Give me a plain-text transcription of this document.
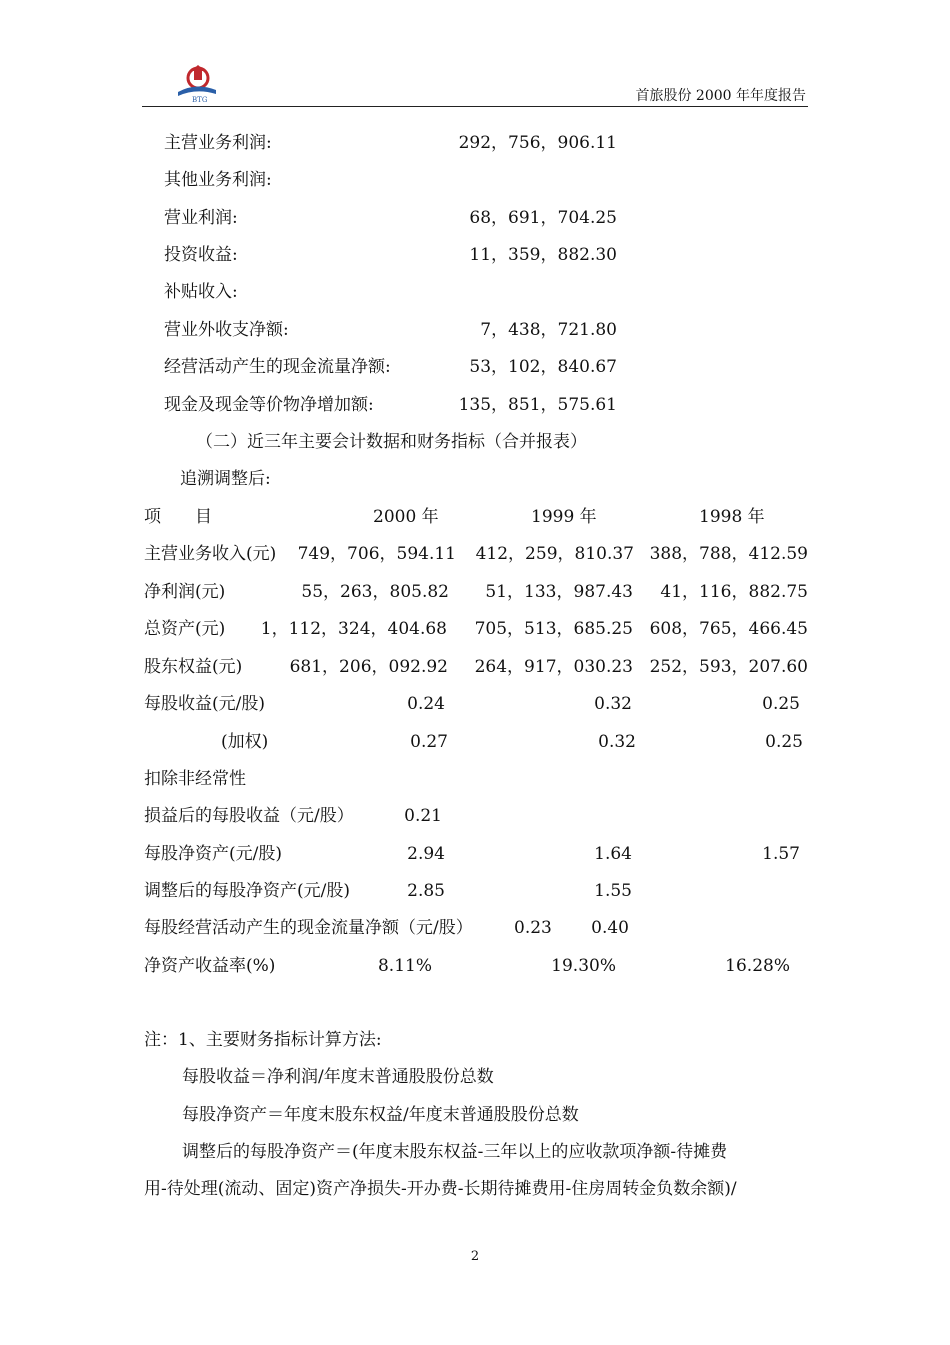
BTG	首旅股份 2000 年年度报告
主营业务利润:	292，756，906.11
其他业务利润:
营业利润:	68，691，704.25
投资收益:	11，359，882.30
补贴收入:
营业外收支净额:	7，438，721.80
经营活动产生的现金流量净额:	53，102，840.67
现金及现金等价物净增加额:	135，851，575.61
（二）近三年主要会计数据和财务指标（合并报表）
追溯调整后:
项　　目	2000 年	1999 年	1998 年
主营业务收入(元) 749，706，594.11 412，259，810.37 388，788，412.59
净利润(元)	55，263，805.82 51，133，987.43 41，116，882.75
总资产(元) 1，112，324，404.68 705，513，685.25 608，765，466.45
股东权益(元)	681，206，092.92 264，917，030.23 252，593，207.60
每股收益(元/股)	0.24	0.32	0.25
(加权)	0.27	0.32	0.25
扣除非经常性
损益后的每股收益（元/股）	0.21
每股净资产(元/股)	2.94	1.64	1.57
调整后的每股净资产(元/股)	2.85	1.55
每股经营活动产生的现金流量净额（元/股） 0.23 0.40
净资产收益率(%)	8.11%	19.30%	16.28%
注：1、主要财务指标计算方法:
每股收益＝净利润/年度末普通股股份总数
每股净资产＝年度末股东权益/年度末普通股股份总数
调整后的每股净资产＝(年度末股东权益-三年以上的应收款项净额-待摊费
用-待处理(流动、固定)资产净损失-开办费-长期待摊费用-住房周转金负数余额)/
2
